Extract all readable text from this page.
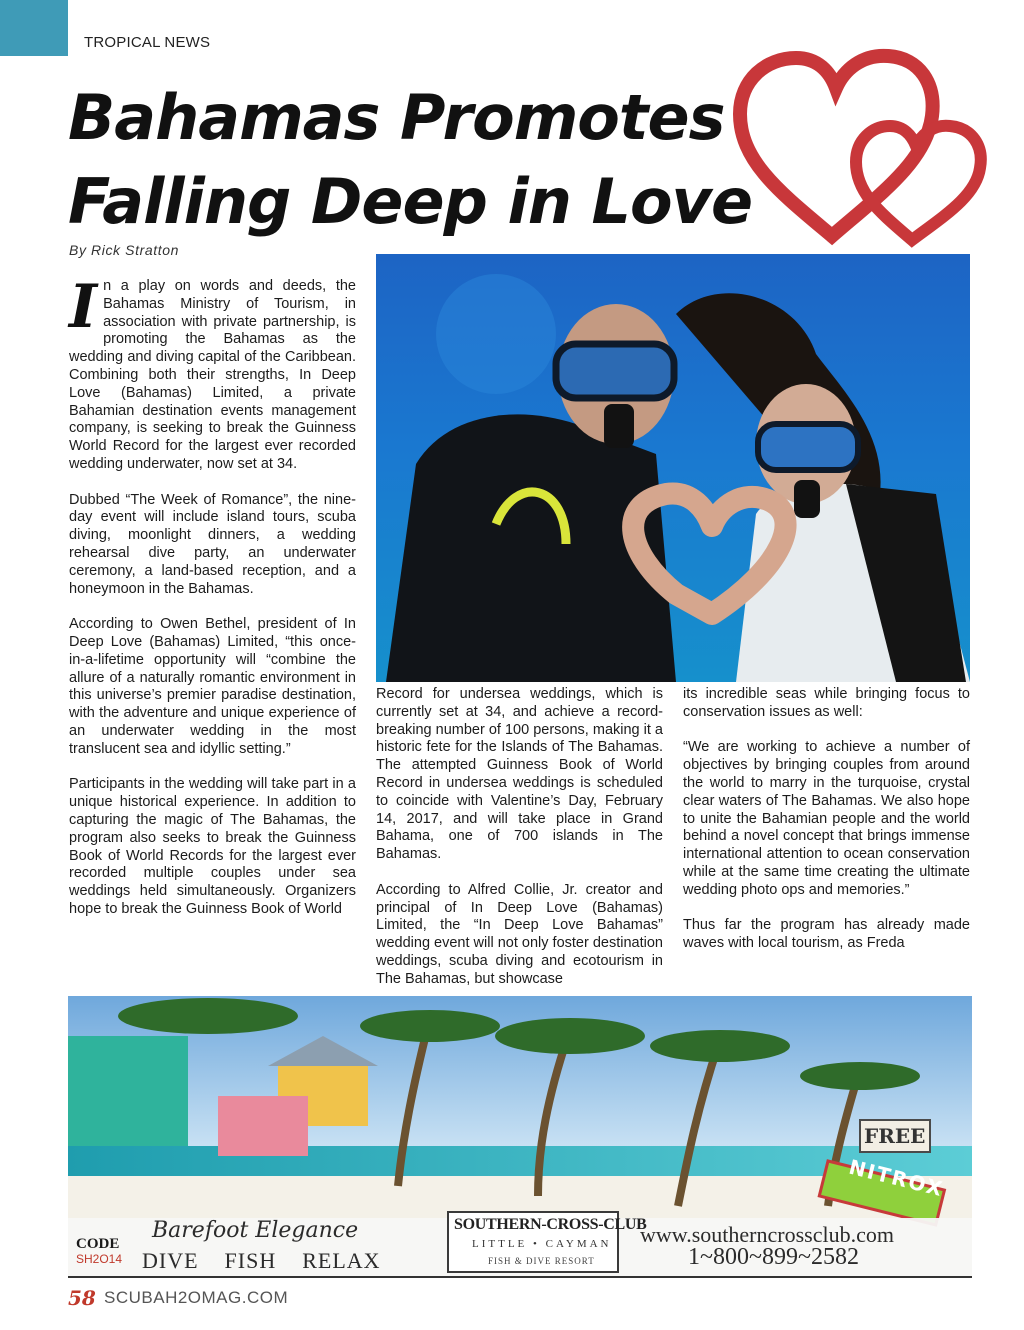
TROPICAL NEWS
Bahamas Promotes
Falling Deep in Love
By Rick Stratton

In a play on words and deeds, the Bahamas Ministry of Tourism, in association with private partnership, is promoting the Bahamas as the wedding and diving capital of the Caribbean. Combining both their strengths, In Deep Love (Bahamas) Limited, a private Bahamian destination events management company, is seeking to break the Guinness World Record for the largest ever recorded wedding underwater, now set at 34.

Dubbed “The Week of Romance”, the nine-day event will include island tours, scuba diving, moonlight dinners, a wedding rehearsal dive party, an underwater ceremony, a land-based reception, and a honeymoon in the Bahamas.

According to Owen Bethel, president of In Deep Love (Bahamas) Limited, “this once-in-a-lifetime opportunity will “combine the allure of a naturally romantic environment in this universe’s premier paradise destination, with the adventure and unique experience of an underwater wedding in the most translucent sea and idyllic setting.”

Participants in the wedding will take part in a unique historical experience. In addition to capturing the magic of The Bahamas, the program also seeks to break the Guinness Book of World Records for the largest ever recorded multiple couples under sea weddings held simultaneously. Organizers hope to break the Guinness Book of World

Record for undersea weddings, which is currently set at 34, and achieve a record-breaking number of 100 persons, making it a historic fete for the Islands of The Bahamas. The attempted Guinness Book of World Record in undersea weddings is scheduled to coincide with Valentine’s Day, February 14, 2017, and will take place in Grand Bahama, one of 700 islands in The Bahamas.

According to Alfred Collie, Jr. creator and principal of In Deep Love (Bahamas) Limited, the “In Deep Love Bahamas” wedding event will not only foster destination weddings, scuba diving and ecotourism in The Bahamas, but showcase

its incredible seas while bringing focus to conservation issues as well:

“We are working to achieve a number of objectives by bringing couples from around the world to marry in the turquoise, crystal clear waters of The Bahamas. We also hope to unite the Bahamian people and the world behind a novel concept that brings immense international attention to ocean conservation while at the same time creating the ultimate wedding photo ops and memories.”

Thus far the program has already made waves with local tourism, as Freda

FREE
NITROX
Barefoot Elegance
DIVE FISH RELAX
CODE
SH2O14
SOUTHERN-CROSS-CLUB
LITTLE • CAYMAN
FISH & DIVE RESORT
www.southerncrossclub.com
1~800~899~2582
58 SCUBAH2OMAG.COM
